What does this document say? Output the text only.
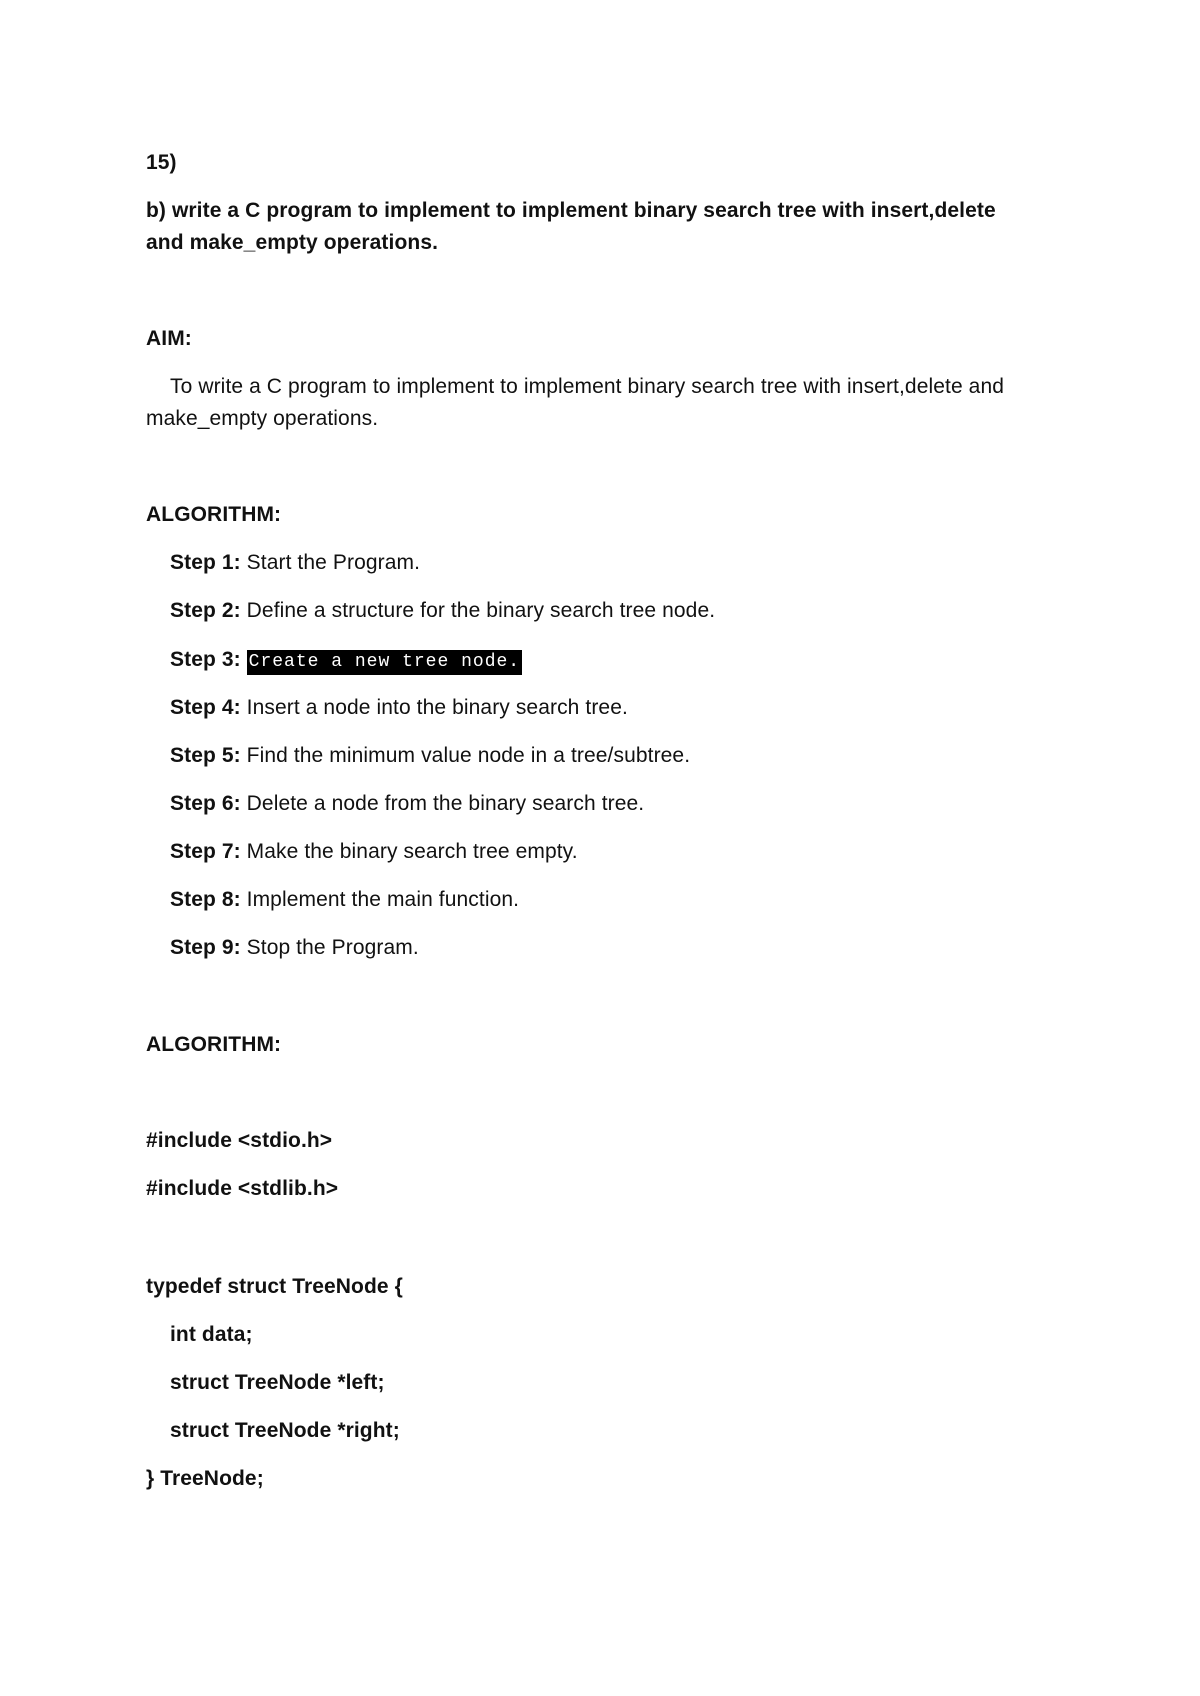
15)
b) write a C program to implement to implement binary search tree with insert,delete
and make_empty operations.
AIM:
To write a C program to implement to implement binary search tree with insert,delete and
make_empty operations.
ALGORITHM:
Step 1: Start the Program.
Step 2: Define a structure for the binary search tree node.
Step 3: Create a new tree node.
Step 4: Insert a node into the binary search tree.
Step 5: Find the minimum value node in a tree/subtree.
Step 6: Delete a node from the binary search tree.
Step 7: Make the binary search tree empty.
Step 8: Implement the main function.
Step 9: Stop the Program.
ALGORITHM:
#include <stdio.h>
#include <stdlib.h>
typedef struct TreeNode {
int data;
struct TreeNode *left;
struct TreeNode *right;
} TreeNode;
